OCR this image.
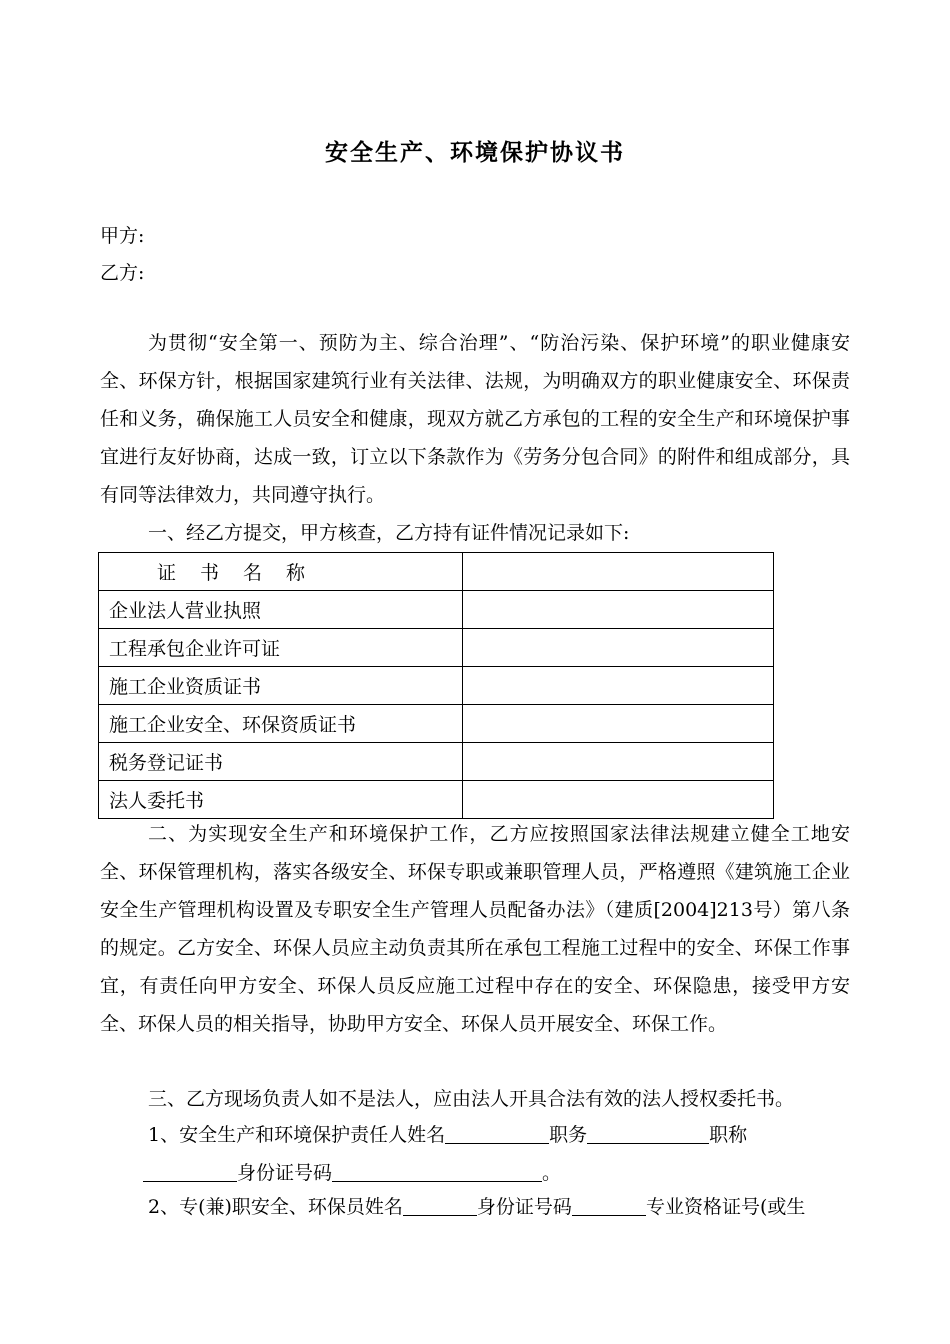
安全生产、环境保护协议书
甲方:
乙方:

为贯彻“安全第一、预防为主、综合治理”、“防治污染、保护环境”的职业健康安全、环保方针，根据国家建筑行业有关法律、法规，为明确双方的职业健康安全、环保责任和义务，确保施工人员安全和健康，现双方就乙方承包的工程的安全生产和环境保护事宜进行友好协商，达成一致，订立以下条款作为《劳务分包合同》的附件和组成部分，具有同等法律效力，共同遵守执行。

一、经乙方提交，甲方核查，乙方持有证件情况记录如下:

证书名称	
企业法人营业执照	
工程承包企业许可证	
施工企业资质证书	
施工企业安全、环保资质证书	
税务登记证书	
法人委托书	

二、为实现安全生产和环境保护工作，乙方应按照国家法律法规建立健全工地安全、环保管理机构，落实各级安全、环保专职或兼职管理人员，严格遵照《建筑施工企业安全生产管理机构设置及专职安全生产管理人员配备办法》（建质[2004]213号）第八条的规定。乙方安全、环保人员应主动负责其所在承包工程施工过程中的安全、环保工作事宜，有责任向甲方安全、环保人员反应施工过程中存在的安全、环保隐患，接受甲方安全、环保人员的相关指导，协助甲方安全、环保人员开展安全、环保工作。

三、乙方现场负责人如不是法人，应由法人开具合法有效的法人授权委托书。

1、安全生产和环境保护责任人姓名	职务	职称
身份证号码	。
2、专(兼)职安全、环保员姓名	身份证号码	专业资格证号(或生
